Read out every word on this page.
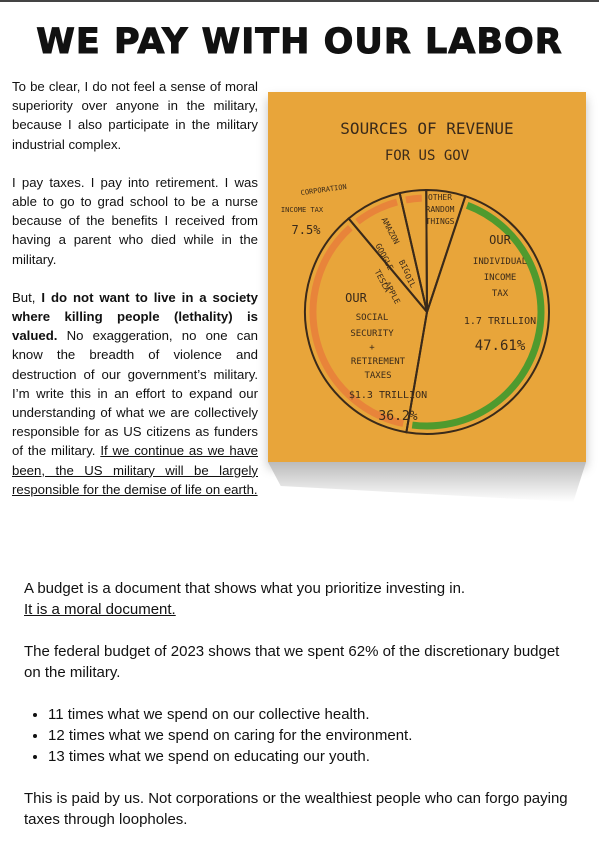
WE PAY WITH OUR LABOR

To be clear, I do not feel a sense of moral superiority over anyone in the military, because I also participate in the military industrial complex.

I pay taxes. I pay into retirement. I was able to go to grad school to be a nurse because of the benefits I received from having a parent who died while in the military.

But, I do not want to live in a society where killing people (lethality) is valued. No exaggeration, no one can know the breadth of violence and destruction of our government’s military. I’m write this in an effort to expand our understanding of what we are collectively responsible for as US citizens as funders of the military. If we continue as we have been, the US military will be largely responsible for the demise of life on earth.

SOURCES OF REVENUE
FOR US GOV
OUR
INDIVIDUAL
INCOME
TAX
1.7 TRILLION
47.61%
OUR
SOCIAL
SECURITY
+
RETIREMENT
TAXES
$1.3 TRILLION
36.2%
CORPORATION
INCOME TAX
7.5%	AMAZON
GOOGLE
TESLA
APPLE
BIG
OIL
OTHER
RANDOM
THINGS

A budget is a document that shows what you prioritize investing in.
It is a moral document.

The federal budget of 2023 shows that we spent 62% of the discretionary budget on the military.

• 11 times what we spend on our collective health.
• 12 times what we spend on caring for the environment.
• 13 times what we spend on educating our youth.

This is paid by us. Not corporations or the wealthiest people who can forgo paying taxes through loopholes.
